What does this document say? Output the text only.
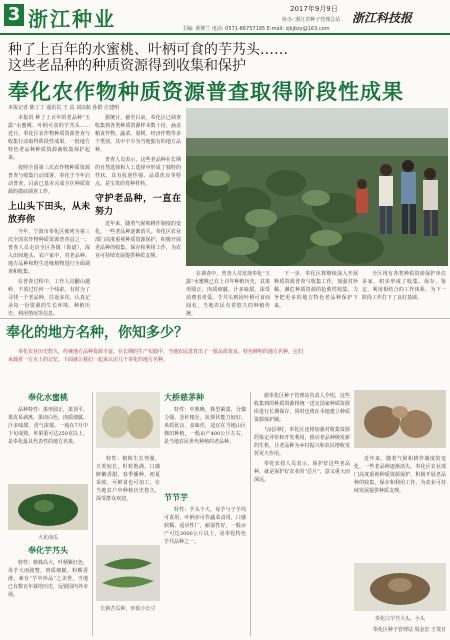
3 浙江种业	2017年9月9日
浙江科技报
协办: 浙江省种子管理总站
主编: 黄赛兰 电话: 0571-86757195 E-mail: zjkjbzy@163.com
种了上百年的水蜜桃、叶柄可食的芋艿头……
这些老品种的种质资源得到收集和保护
奉化农作物种质资源普查取得阶段性成果
本报记者 陈丁丁 通讯员 王 益 刘以航 孙群 庄建明

本报讯 种了上百年的老品种“玉露”水蜜桃、叶柄可食的芋艿头……近日，奉化区农作物种质资源普查与收集行动取得阶段性成果，一批地方特色老品种种质资源被收集保护起来。

按照全国第三次农作物种质资源普查与收集行动部署，奉化于今年启动普查，目前已基本完成全区种质资源的摸底调查工作。

上山头下田头，从未放弃你

今年，宁波市奉化区被列为第三次全国农作物种质资源普查县之一。普查人员走访全区各镇（街道），深入田间地头、农户家中，对老品种、地方品种和野生近缘植物进行全面调查和收集。

在普查过程中，工作人员翻山越岭，不放过任何一个线索。有时为了寻找一个老品种，往返多次，认真记录每一份资源的生长环境、种植历史、利用情况等信息。

据统计，截至目前，奉化区已调查收集到各类种质资源样本数十份，涵盖粮食作物、蔬菜、果树、经济作物等多个类别，其中不少为当地独有的地方品种。

普查人员表示，这些老品种在长期的自然选择和人工选择中形成了独特的性状，具有抗逆性强、品质优良等特点，是宝贵的育种材料。

守护老品种，一直在努力

近年来，随着气候和耕作制度的变化，一些老品种逐渐消失。奉化区农业部门高度重视种质资源保护，积极开展老品种的收集、保存和利用工作，为农业可持续发展提供种质支撑。

在调查中，普查人员发现奉化“玉露”水蜜桃已有上百年种植历史，其果形圆正、肉质细腻、汁多味甜，深受消费者喜爱。芋艿头则因叶柄可食而闻名，当地农民有着悠久的种植传统。

下一步，奉化区将继续深入开展种质资源普查与收集工作，加强对珍稀、濒危种质资源的抢救性收集，力争把更多的地方特色老品种保护下来。

全区现有各类种质资源保护单位多家，初步形成了收集、保存、鉴定、利用相结合的工作体系，为下一阶段工作打下了良好基础。

奉化的地方名种，你知多少？

奉化农业历史悠久，传统地方品种资源丰富。在长期的生产实践中，当地农民选育出了一批品质优良、特色鲜明的地方名种，它们承载着一方水土的记忆。下面就让我们一起来认识几个奉化的地方名种。

奉化水蜜桃

品种特性：果形圆正，果顶平，果皮易剥离，果肉白色，肉质细腻，汁多味甜，香气浓郁。一般在7月中下旬成熟，单果重可达250克以上，是奉化最具代表性的地方名果。

大花南瓜
奉化芋艿头

特性：植株高大，叶柄紫红色，母芋大而圆整，肉质细腻，粉糯香滑，素有“芋中珍品”之美誉。当地已有数百年栽培历史，远销国内外市场。

特性：植株生长势强，豆荚较长，籽粒饱满，口感鲜嫩香甜。春季播种，初夏采收，可鲜食也可加工，在当地农户中种植历史悠久，深受群众欢迎。

长柄苦瓜种，形似小长豆
大桥慈茅种

特性：中熟晚，株型紧凑，分蘖力强，茎秆粗壮，抗倒伏能力较好。米质优良，食味佳，适宜在当地山区梯田种植，一般亩产400公斤左右，是当地农民世代种植的老品种。

节节芋

特性：芋头个大，母芋与子芋均可食用，叶柄亦可作蔬菜食用，口感软糯。适应性广，耐湿性好，一般亩产可达2000公斤以上，是奉化特色芋艿品种之一。

据奉化区种子管理站负责人介绍，这些收集到的种质资源将统一送交国家种质资源库进行长期保存，同时也将在本地建立种质资源保护圃。

与此同时，奉化区还将加强对收集资源的鉴定评价和开发利用，推动老品种焕发新的生机，让老品种为乡村振兴和农民增收发挥更大作用。

奉化农技人员表示，保护好这些老品种，就是保护好农业的“芯片”，意义重大而深远。

近年来，随着气候和耕作制度的变化，一些老品种逐渐消失。奉化区农业部门高度重视种质资源保护，积极开展老品种的收集、保存和利用工作，为农业可持续发展提供种质支撑。

奉化白芋艿大头、小头
奉化区种子管理站 周金忠 王斐日
